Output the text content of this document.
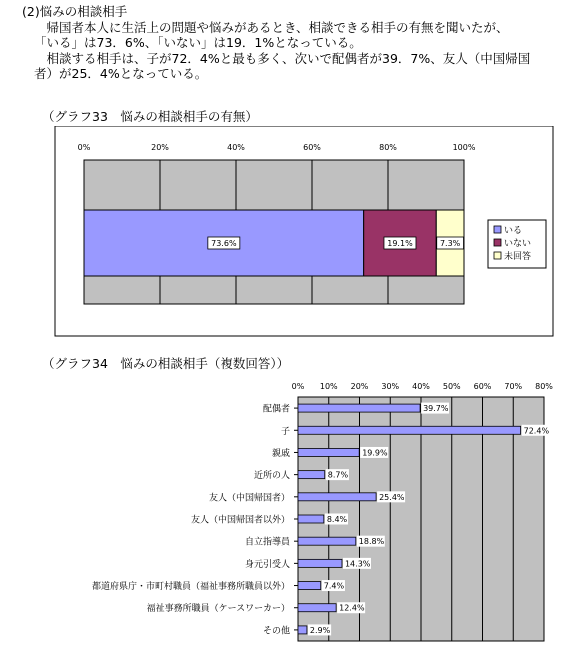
(2)悩みの相談相手
　帰国者本人に生活上の問題や悩みがあるとき、相談できる相手の有無を聞いたが、
「いる」は73．6%、「いない」は19．1%となっている。
　相談する相手は、子が72．4%と最も多く、次いで配偶者が39．7%、友人（中国帰国
者）が25．4%となっている。
（グラフ33　悩みの相談相手の有無）
0%	20%	40%	60%	80%	100%
73.6%	19.1%	7.3%
いる
いない
未回答
（グラフ34　悩みの相談相手（複数回答））
0% 10% 20% 30% 40% 50% 60% 70% 80%
配偶者
子
親戚
近所の人
友人（中国帰国者）
友人（中国帰国者以外）
自立指導員
身元引受人
都道府県庁・市町村職員（福祉事務所職員以外）
福祉事務所職員（ケースワーカー）
その他
39.7%
72.4%
19.9%
8.7%
25.4%
8.4%
18.8%
14.3%
7.4%
12.4%
2.9%
